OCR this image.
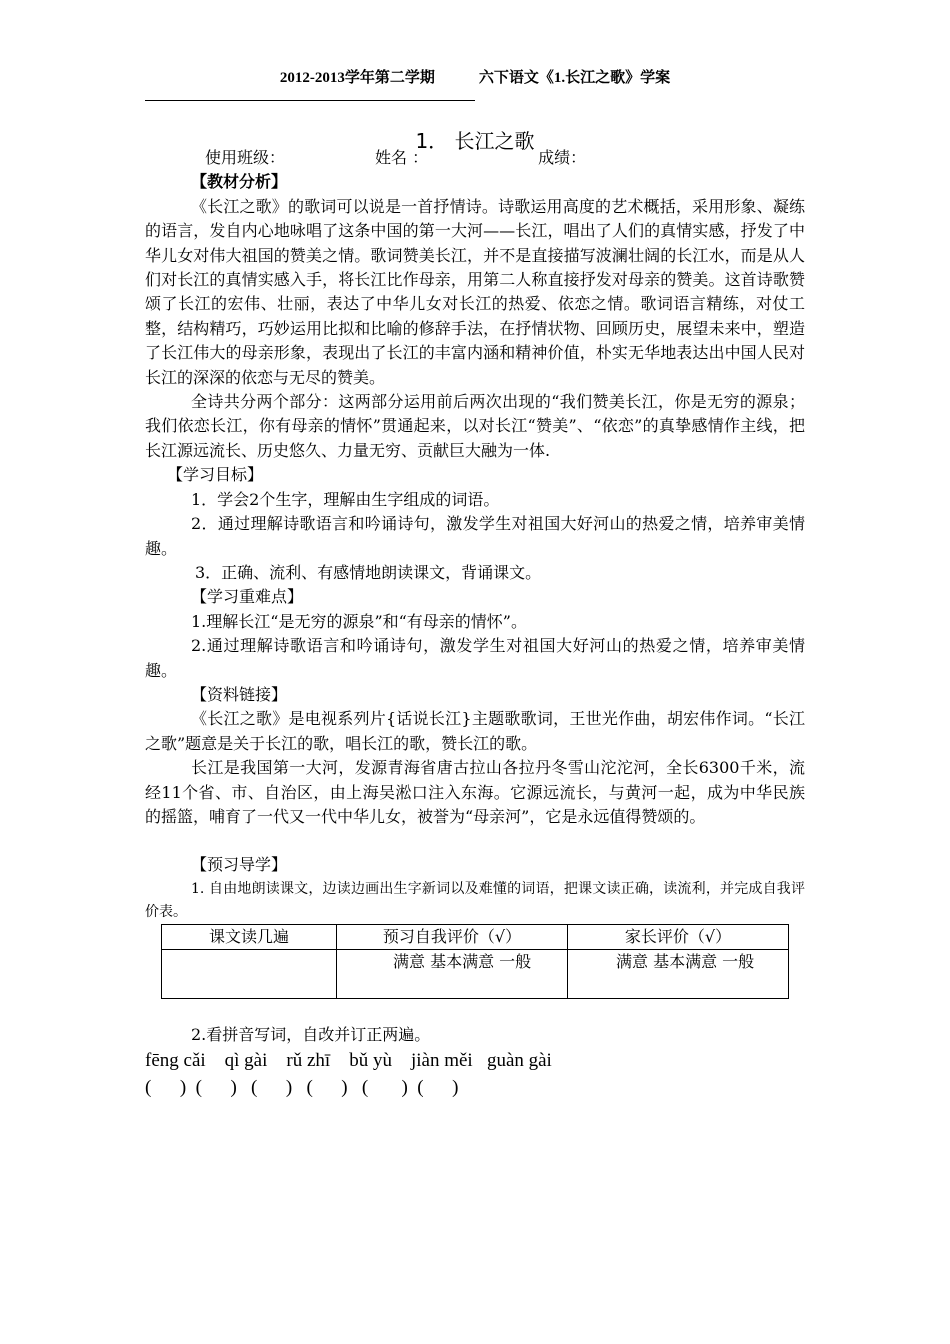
2012-2013学年第二学期	六下语文《1.长江之歌》学案
1． 长江之歌

使用班级：	姓名 ：	成绩：

【教材分析】

《长江之歌》的歌词可以说是一首抒情诗。诗歌运用高度的艺术概括，采用形象、凝练的语言，发自内心地咏唱了这条中国的第一大河——长江，唱出了人们的真情实感，抒发了中华儿女对伟大祖国的赞美之情。歌词赞美长江，并不是直接描写波澜壮阔的长江水，而是从人们对长江的真情实感入手，将长江比作母亲，用第二人称直接抒发对母亲的赞美。这首诗歌赞颂了长江的宏伟、壮丽，表达了中华儿女对长江的热爱、依恋之情。歌词语言精练，对仗工整，结构精巧，巧妙运用比拟和比喻的修辞手法，在抒情状物、回顾历史，展望未来中，塑造了长江伟大的母亲形象，表现出了长江的丰富内涵和精神价值，朴实无华地表达出中国人民对长江的深深的依恋与无尽的赞美。

全诗共分两个部分：这两部分运用前后两次出现的“我们赞美长江，你是无穷的源泉；我们依恋长江，你有母亲的情怀”贯通起来，以对长江“赞美”、“依恋”的真挚感情作主线，把长江源远流长、历史悠久、力量无穷、贡献巨大融为一体.

【学习目标】

1．学会2个生字，理解由生字组成的词语。

2．通过理解诗歌语言和吟诵诗句，激发学生对祖国大好河山的热爱之情，培养审美情趣。

3．正确、流利、有感情地朗读课文，背诵课文。

【学习重难点】

1.理解长江“是无穷的源泉”和“有母亲的情怀”。

2.通过理解诗歌语言和吟诵诗句，激发学生对祖国大好河山的热爱之情，培养审美情趣。

【资料链接】

《长江之歌》是电视系列片{话说长江}主题歌歌词，王世光作曲，胡宏伟作词。“长江之歌”题意是关于长江的歌，唱长江的歌，赞长江的歌。

长江是我国第一大河，发源青海省唐古拉山各拉丹冬雪山沱沱河，全长6300千米，流经11个省、市、自治区，由上海吴淞口注入东海。它源远流长，与黄河一起，成为中华民族的摇篮，哺育了一代又一代中华儿女，被誉为“母亲河”，它是永远值得赞颂的。

【预习导学】

1. 自由地朗读课文，边读边画出生字新词以及难懂的词语，把课文读正确，读流利，并完成自我评价表。

课文读几遍	预习自我评价（√）	家长评价（√）
	满意 基本满意 一般	满意 基本满意 一般

2.看拼音写词，自改并订正两遍。

fēng cǎi qì gài rǔ zhī bǔ yù jiàn měi guàn gài

(      )  (      )   (      )   (      )   (       )  (      )
